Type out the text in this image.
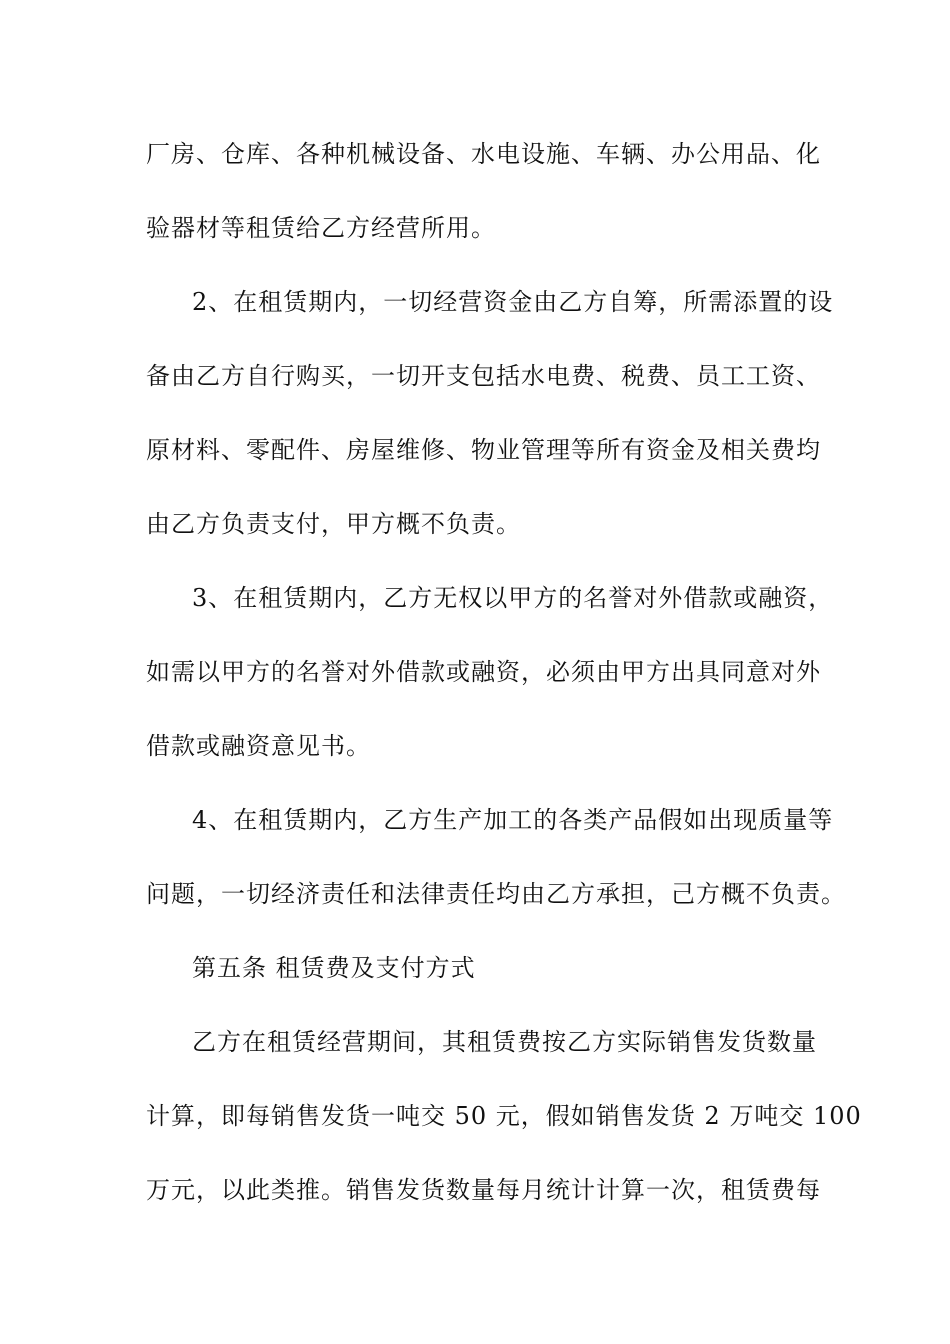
厂房、仓库、各种机械设备、水电设施、车辆、办公用品、化
验器材等租赁给乙方经营所用。
2、在租赁期内，一切经营资金由乙方自筹，所需添置的设
备由乙方自行购买，一切开支包括水电费、税费、员工工资、
原材料、零配件、房屋维修、物业管理等所有资金及相关费均
由乙方负责支付，甲方概不负责。
3、在租赁期内，乙方无权以甲方的名誉对外借款或融资，
如需以甲方的名誉对外借款或融资，必须由甲方出具同意对外
借款或融资意见书。
4、在租赁期内，乙方生产加工的各类产品假如出现质量等
问题，一切经济责任和法律责任均由乙方承担，己方概不负责。
第五条 租赁费及支付方式
乙方在租赁经营期间，其租赁费按乙方实际销售发货数量
计算，即每销售发货一吨交 50 元，假如销售发货 2 万吨交 100
万元，以此类推。销售发货数量每月统计计算一次，租赁费每
